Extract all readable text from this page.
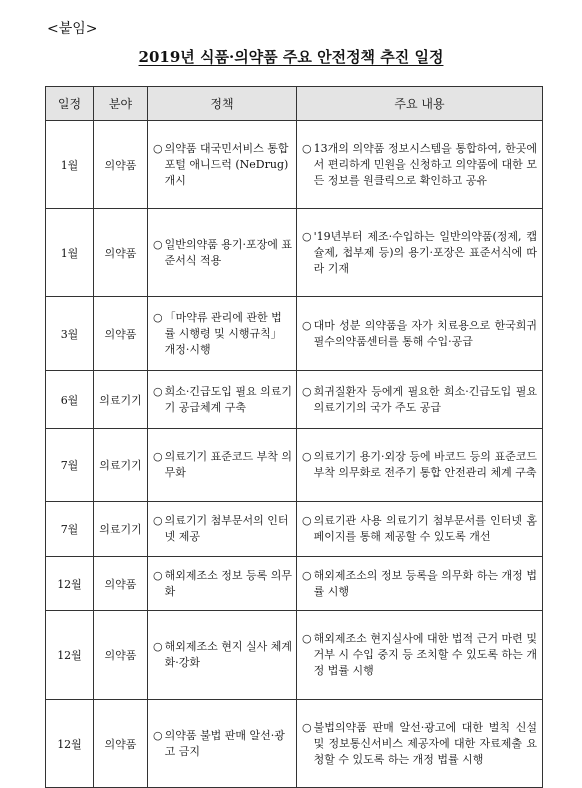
<붙임>
2019년 식품·의약품 주요 안전정책 추진 일정
일정	분야	정책	주요 내용
1월	의약품	○ 의약품 대국민서비스 통합포털 애니드럭 (NeDrug) 개시	○ 13개의 의약품 정보시스템을 통합하여, 한곳에서 편리하게 민원을 신청하고 의약품에 대한 모든 정보를 원클릭으로 확인하고 공유

1월	의약품	○ 일반의약품 용기·포장에 표준서식 적용	○ '19년부터 제조·수입하는 일반의약품(정제, 캡슐제, 첩부제 등)의 용기·포장은 표준서식에 따라 기재

3월	의약품	○ 「마약류 관리에 관한 법률 시행령 및 시행규칙」 개정·시행	○ 대마 성분 의약품을 자가 치료용으로 한국희귀필수의약품센터를 통해 수입·공급

6월	의료기기	○ 희소·긴급도입 필요 의료기기 공급체계 구축	○ 희귀질환자 등에게 필요한 희소·긴급도입 필요 의료기기의 국가 주도 공급

7월	의료기기	○ 의료기기 표준코드 부착 의무화	○ 의료기기 용기·외장 등에 바코드 등의 표준코드 부착 의무화로 전주기 통합 안전관리 체계 구축

7월	의료기기	○ 의료기기 첨부문서의 인터넷 제공	○ 의료기관 사용 의료기기 첨부문서를 인터넷 홈페이지를 통해 제공할 수 있도록 개선

12월	의약품	○ 해외제조소 정보 등록 의무화	○ 해외제조소의 정보 등록을 의무화 하는 개정 법률 시행

12월	의약품	○ 해외제조소 현지 실사 체계화·강화	○ 해외제조소 현지실사에 대한 법적 근거 마련 및 거부 시 수입 중지 등 조치할 수 있도록 하는 개정 법률 시행

12월	의약품	○ 의약품 불법 판매 알선·광고 금지	○ 불법의약품 판매 알선·광고에 대한 벌칙 신설 및 정보통신서비스 제공자에 대한 자료제출 요청할 수 있도록 하는 개정 법률 시행
